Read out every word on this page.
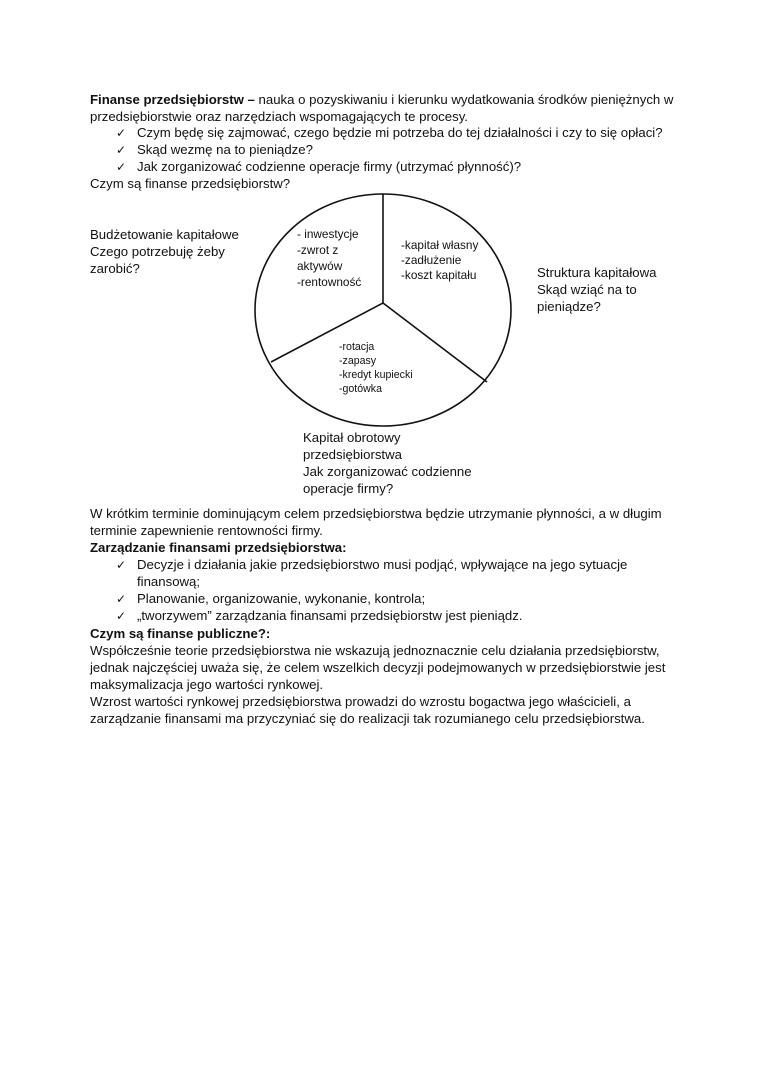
Finanse przedsiębiorstw – nauka o pozyskiwaniu i kierunku wydatkowania środków pieniężnych w
przedsiębiorstwie oraz narzędziach wspomagających te procesy.
✓ Czym będę się zajmować, czego będzie mi potrzeba do tej działalności i czy to się opłaci?
✓ Skąd wezmę na to pieniądze?
✓ Jak zorganizować codzienne operacje firmy (utrzymać płynność)?
Czym są finanse przedsiębiorstw?
- inwestycje
-zwrot z
aktywów
-rentowność
-kapitał własny
-zadłużenie
-koszt kapitału
-rotacja
-zapasy
-kredyt kupiecki
-gotówka
Budżetowanie kapitałowe
Czego potrzebuję żeby
zarobić?	Struktura kapitałowa
Skąd wziąć na to
pieniądze?
Kapitał obrotowy
przedsiębiorstwa
Jak zorganizować codzienne
operacje firmy?
W krótkim terminie dominującym celem przedsiębiorstwa będzie utrzymanie płynności, a w długim
terminie zapewnienie rentowności firmy.
Zarządzanie finansami przedsiębiorstwa:
✓ Decyzje i działania jakie przedsiębiorstwo musi podjąć, wpływające na jego sytuacje
finansową;
✓ Planowanie, organizowanie, wykonanie, kontrola;
✓ „tworzywem” zarządzania finansami przedsiębiorstw jest pieniądz.
Czym są finanse publiczne?:
Współcześnie teorie przedsiębiorstwa nie wskazują jednoznacznie celu działania przedsiębiorstw,
jednak najczęściej uważa się, że celem wszelkich decyzji podejmowanych w przedsiębiorstwie jest
maksymalizacja jego wartości rynkowej.
Wzrost wartości rynkowej przedsiębiorstwa prowadzi do wzrostu bogactwa jego właścicieli, a
zarządzanie finansami ma przyczyniać się do realizacji tak rozumianego celu przedsiębiorstwa.
